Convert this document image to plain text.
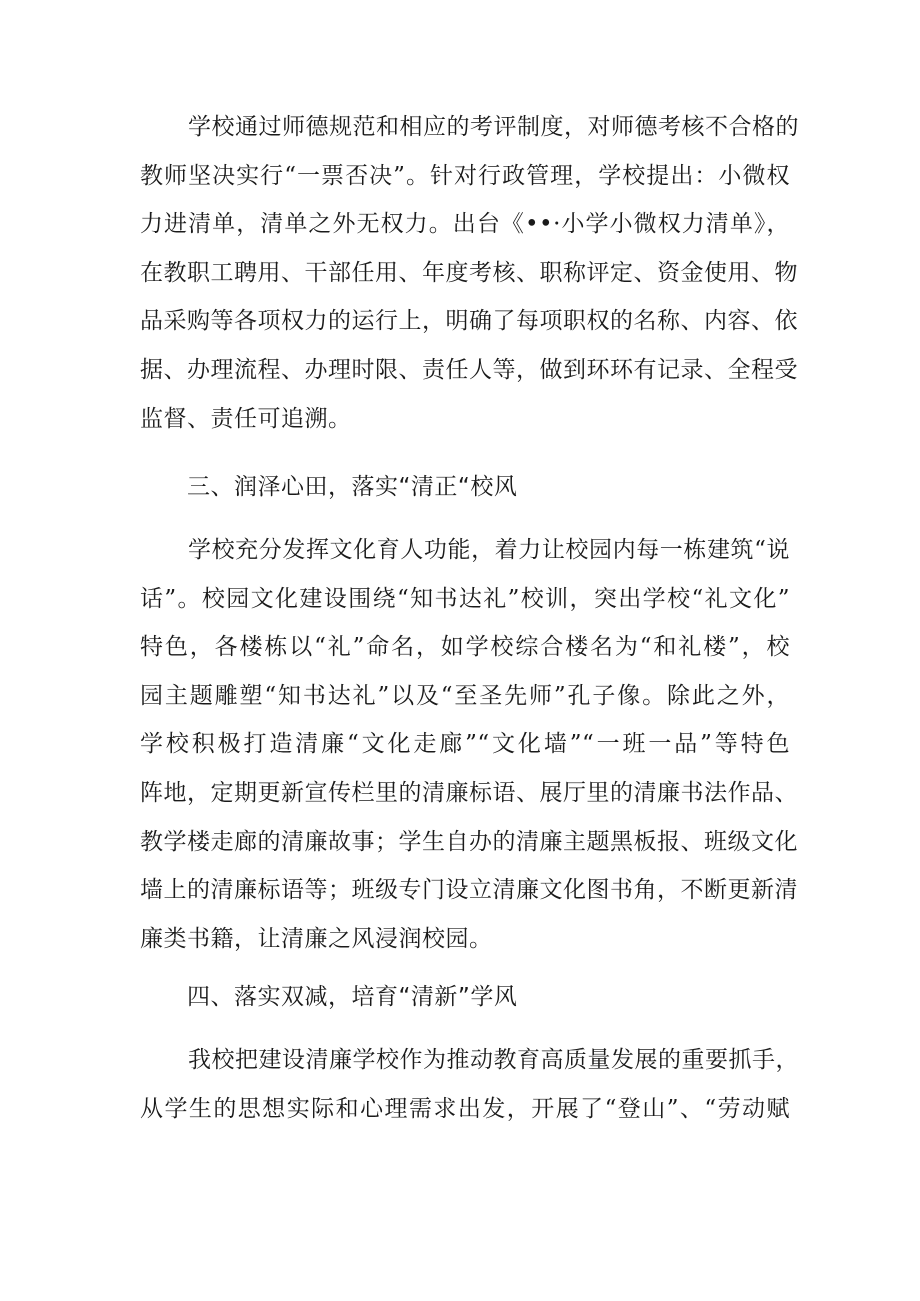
学校通过师德规范和相应的考评制度，对师德考核不合格的
教师坚决实行“一票否决”。针对行政管理，学校提出：小微权
力进清单，清单之外无权力。出台《••·小学小微权力清单》，
在教职工聘用、干部任用、年度考核、职称评定、资金使用、物
品采购等各项权力的运行上，明确了每项职权的名称、内容、依
据、办理流程、办理时限、责任人等，做到环环有记录、全程受
监督、责任可追溯。
三、润泽心田，落实“清正“校风
学校充分发挥文化育人功能，着力让校园内每一栋建筑“说
话”。校园文化建设围绕“知书达礼”校训，突出学校“礼文化”
特色，各楼栋以“礼”命名，如学校综合楼名为“和礼楼”，校
园主题雕塑“知书达礼”以及“至圣先师”孔子像。除此之外，
学校积极打造清廉“文化走廊”“文化墙”“一班一品”等特色
阵地，定期更新宣传栏里的清廉标语、展厅里的清廉书法作品、
教学楼走廊的清廉故事；学生自办的清廉主题黑板报、班级文化
墙上的清廉标语等；班级专门设立清廉文化图书角，不断更新清
廉类书籍，让清廉之风浸润校园。
四、落实双减，培育“清新”学风
我校把建设清廉学校作为推动教育高质量发展的重要抓手，
从学生的思想实际和心理需求出发，开展了“登山”、“劳动赋
